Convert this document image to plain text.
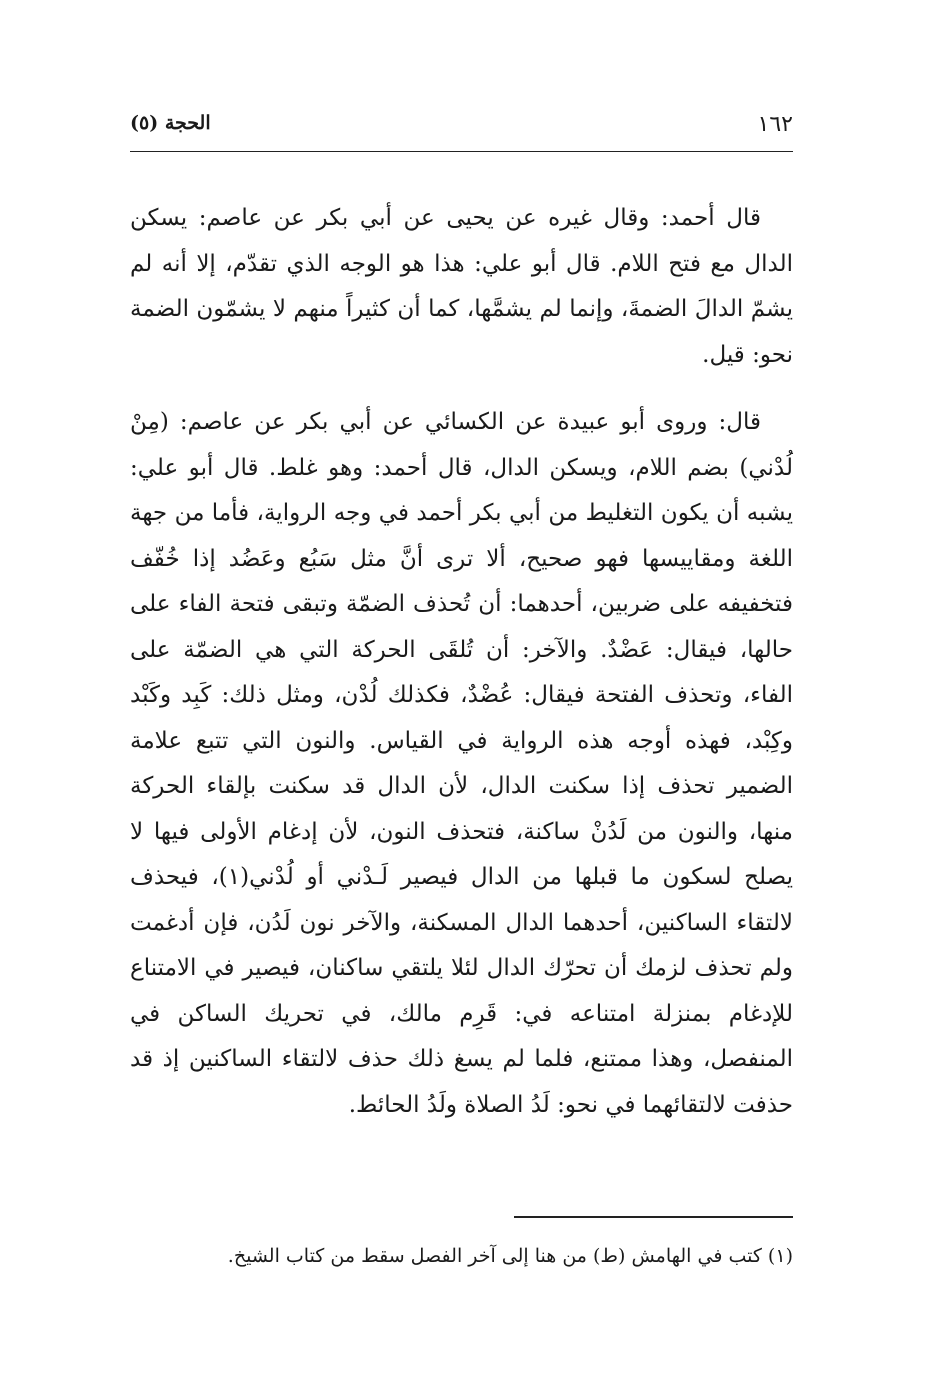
١٦٢
الحجة (٥)

قال أحمد: وقال غيره عن يحيى عن أبي بكر عن عاصم: يسكن الدال مع فتح اللام. قال أبو علي: هذا هو الوجه الذي تقدّم، إلا أنه لم يشمّ الدالَ الضمةَ، وإنما لم يشمَّها، كما أن كثيراً منهم لا يشمّون الضمة نحو: قيل.

قال: وروى أبو عبيدة عن الكسائي عن أبي بكر عن عاصم: (مِنْ لُدْني) بضم اللام، ويسكن الدال، قال أحمد: وهو غلط. قال أبو علي: يشبه أن يكون التغليط من أبي بكر أحمد في وجه الرواية، فأما من جهة اللغة ومقاييسها فهو صحيح، ألا ترى أنَّ مثل سَبُع وعَضُد إذا خُفّف فتخفيفه على ضربين، أحدهما: أن تُحذف الضمّة وتبقى فتحة الفاء على حالها، فيقال: عَضْدٌ. والآخر: أن تُلقَى الحركة التي هي الضمّة على الفاء، وتحذف الفتحة فيقال: عُضْدٌ، فكذلك لُدْن، ومثل ذلك: كَبِد وكَبْد وكِبْد، فهذه أوجه هذه الرواية في القياس. والنون التي تتبع علامة الضمير تحذف إذا سكنت الدال، لأن الدال قد سكنت بإلقاء الحركة منها، والنون من لَدُنْ ساكنة، فتحذف النون، لأن إدغام الأولى فيها لا يصلح لسكون ما قبلها من الدال فيصير لَـدْني أو لُدْني(١)، فيحذف لالتقاء الساكنين، أحدهما الدال المسكنة، والآخر نون لَدُن، فإن أدغمت ولم تحذف لزمك أن تحرّك الدال لئلا يلتقي ساكنان، فيصير في الامتناع للإدغام بمنزلة امتناعه في: قَرِم مالك، في تحريك الساكن في المنفصل، وهذا ممتنع، فلما لم يسغ ذلك حذف لالتقاء الساكنين إذ قد حذفت لالتقائهما في نحو: لَدُ الصلاة ولَدُ الحائط.

(١) كتب في الهامش (ط) من هنا إلى آخر الفصل سقط من كتاب الشيخ.
